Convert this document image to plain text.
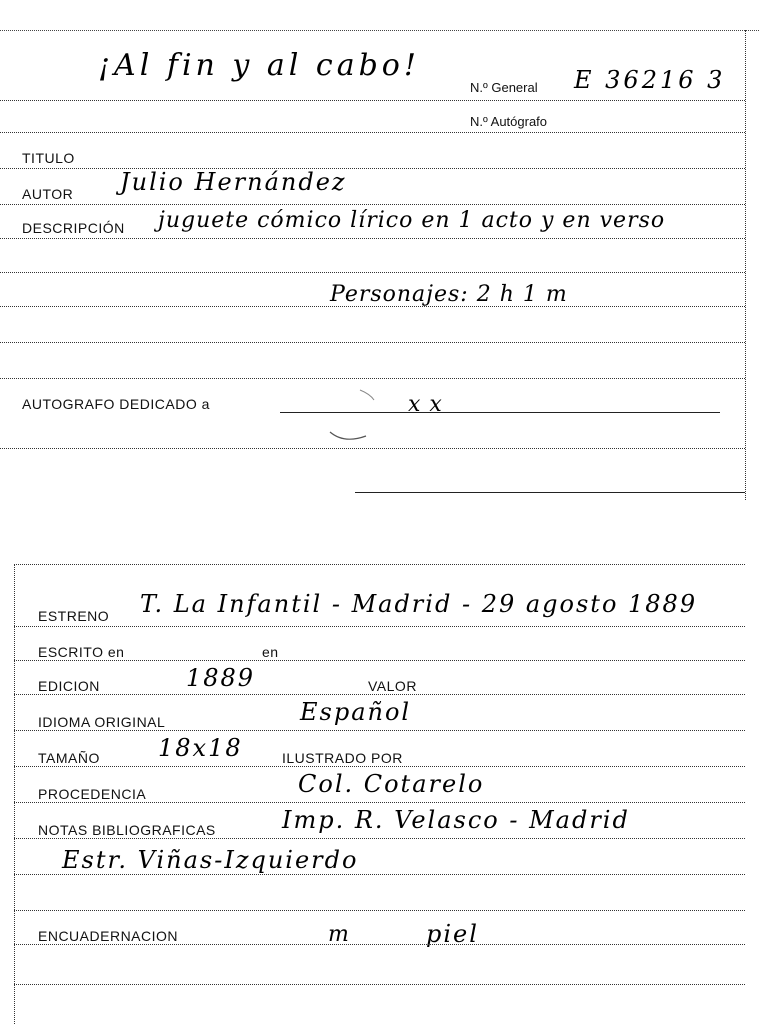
¡Al fin y al cabo!
N.º General E 36216 3
N.º Autógrafo
TITULO
AUTOR Julio Hernández
DESCRIPCIÓN juguete cómico lírico en 1 acto y en verso
Personajes: 2 h 1 m
AUTOGRAFO DEDICADO a	x x
ESTRENO T. La Infantil - Madrid - 29 agosto 1889
ESCRITO en	en
EDICION	1889	VALOR
IDIOMA ORIGINAL	Español
TAMAÑO 18x18	ILUSTRADO POR
PROCEDENCIA	Col. Cotarelo
NOTAS BIBLIOGRAFICAS	Imp. R. Velasco - Madrid
Estr. Viñas-Izquierdo
ENCUADERNACION	m	piel
